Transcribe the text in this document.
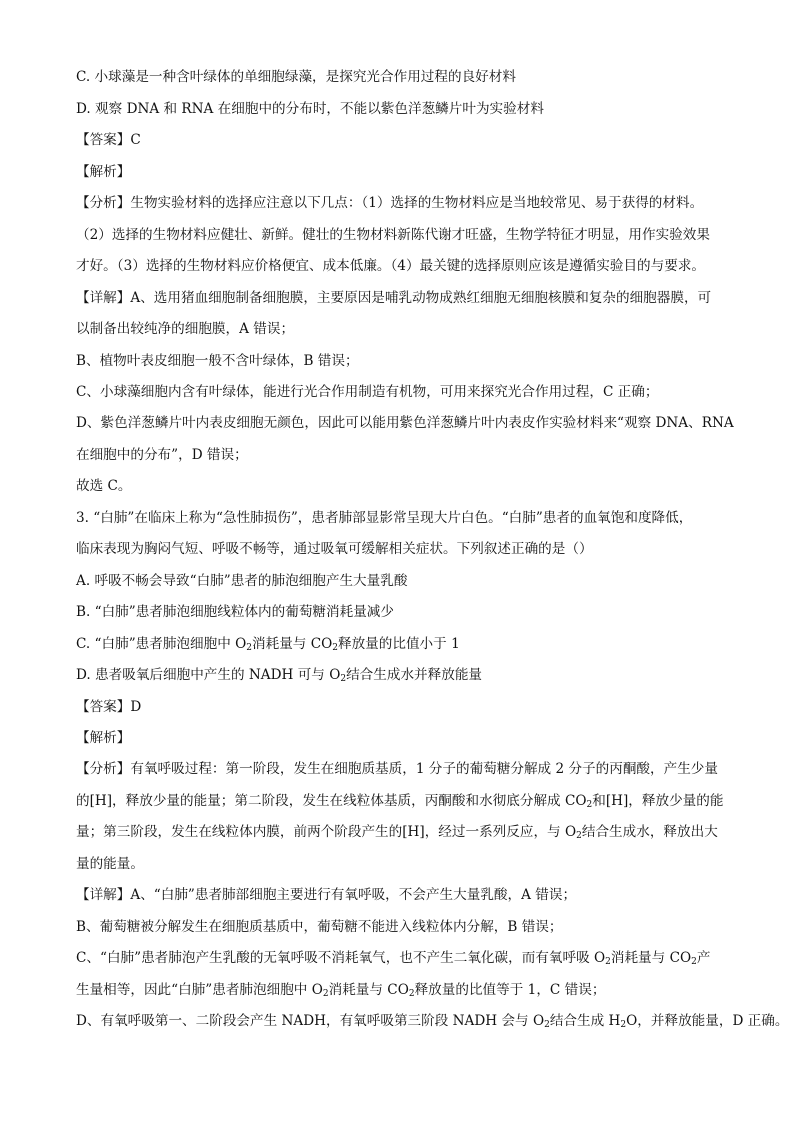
C. 小球藻是一种含叶绿体的单细胞绿藻，是探究光合作用过程的良好材料
D. 观察 DNA 和 RNA 在细胞中的分布时，不能以紫色洋葱鳞片叶为实验材料
【答案】C
【解析】
【分析】生物实验材料的选择应注意以下几点：（1）选择的生物材料应是当地较常见、易于获得的材料。
（2）选择的生物材料应健壮、新鲜。健壮的生物材料新陈代谢才旺盛，生物学特征才明显，用作实验效果
才好。（3）选择的生物材料应价格便宜、成本低廉。（4）最关键的选择原则应该是遵循实验目的与要求。
【详解】A、选用猪血细胞制备细胞膜，主要原因是哺乳动物成熟红细胞无细胞核膜和复杂的细胞器膜，可
以制备出较纯净的细胞膜，A 错误；
B、植物叶表皮细胞一般不含叶绿体，B 错误；
C、小球藻细胞内含有叶绿体，能进行光合作用制造有机物，可用来探究光合作用过程，C 正确；
D、紫色洋葱鳞片叶内表皮细胞无颜色，因此可以能用紫色洋葱鳞片叶内表皮作实验材料来“观察 DNA、RNA
在细胞中的分布”，D 错误；
故选 C。
3. “白肺”在临床上称为“急性肺损伤”，患者肺部显影常呈现大片白色。“白肺”患者的血氧饱和度降低，
临床表现为胸闷气短、呼吸不畅等，通过吸氧可缓解相关症状。下列叙述正确的是（）
A. 呼吸不畅会导致“白肺”患者的肺泡细胞产生大量乳酸
B. “白肺”患者肺泡细胞线粒体内的葡萄糖消耗量减少
C. “白肺”患者肺泡细胞中 $O_2$消耗量与 $CO_2$释放量的比值小于 1
D. 患者吸氧后细胞中产生的 NADH 可与 $O_2$结合生成水并释放能量
【答案】D
【解析】
【分析】有氧呼吸过程：第一阶段，发生在细胞质基质，1 分子的葡萄糖分解成 2 分子的丙酮酸，产生少量
的[H]，释放少量的能量；第二阶段，发生在线粒体基质，丙酮酸和水彻底分解成 $CO_2$和[H]，释放少量的能
量；第三阶段，发生在线粒体内膜，前两个阶段产生的[H]，经过一系列反应，与 $O_2$结合生成水，释放出大
量的能量。
【详解】A、“白肺”患者肺部细胞主要进行有氧呼吸，不会产生大量乳酸，A 错误；
B、葡萄糖被分解发生在细胞质基质中，葡萄糖不能进入线粒体内分解，B 错误；
C、“白肺”患者肺泡产生乳酸的无氧呼吸不消耗氧气，也不产生二氧化碳，而有氧呼吸 $O_2$消耗量与 $CO_2$产
生量相等，因此“白肺”患者肺泡细胞中 $O_2$消耗量与 $CO_2$释放量的比值等于 1，C 错误；
D、有氧呼吸第一、二阶段会产生 NADH，有氧呼吸第三阶段 NADH 会与 $O_2$结合生成 $H_2O$，并释放能量，D 正确。
